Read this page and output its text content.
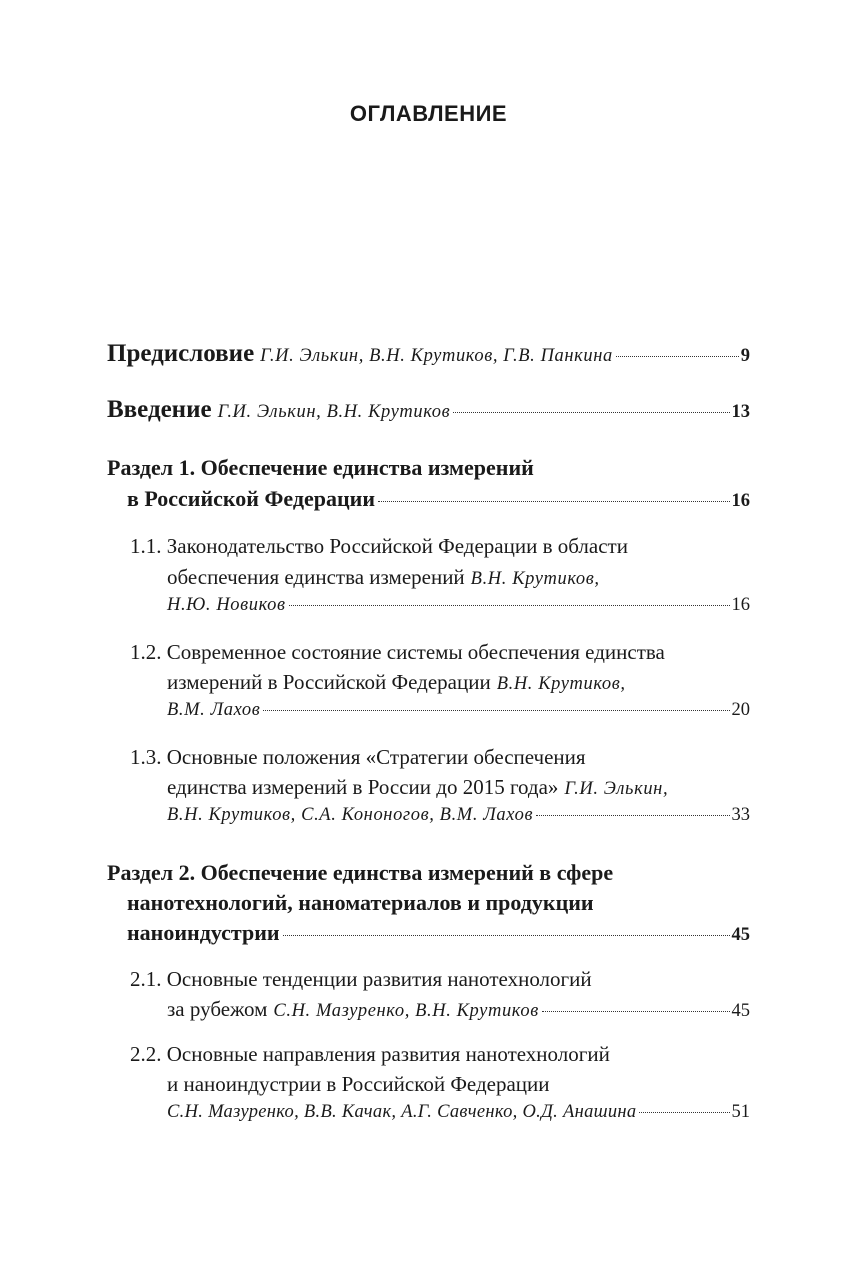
ОГЛАВЛЕНИЕ
Предисловие Г.И. Элькин, В.Н. Крутиков, Г.В. Панкина	9
Введение Г.И. Элькин, В.Н. Крутиков	13
Раздел 1. Обеспечение единства измерений
в Российской Федерации	16
1.1. Законодательство Российской Федерации в области
обеспечения единства измерений В.Н. Крутиков,
Н.Ю. Новиков	16
1.2. Современное состояние системы обеспечения единства
измерений в Российской Федерации В.Н. Крутиков,
В.М. Лахов	20
1.3. Основные положения «Стратегии обеспечения
единства измерений в России до 2015 года» Г.И. Элькин,
В.Н. Крутиков, С.А. Кононогов, В.М. Лахов	33
Раздел 2. Обеспечение единства измерений в сфере
нанотехнологий, наноматериалов и продукции
наноиндустрии	45
2.1. Основные тенденции развития нанотехнологий
за рубежом С.Н. Мазуренко, В.Н. Крутиков	45
2.2. Основные направления развития нанотехнологий
и наноиндустрии в Российской Федерации
С.Н. Мазуренко, В.В. Качак, А.Г. Савченко, О.Д. Анашина	51
